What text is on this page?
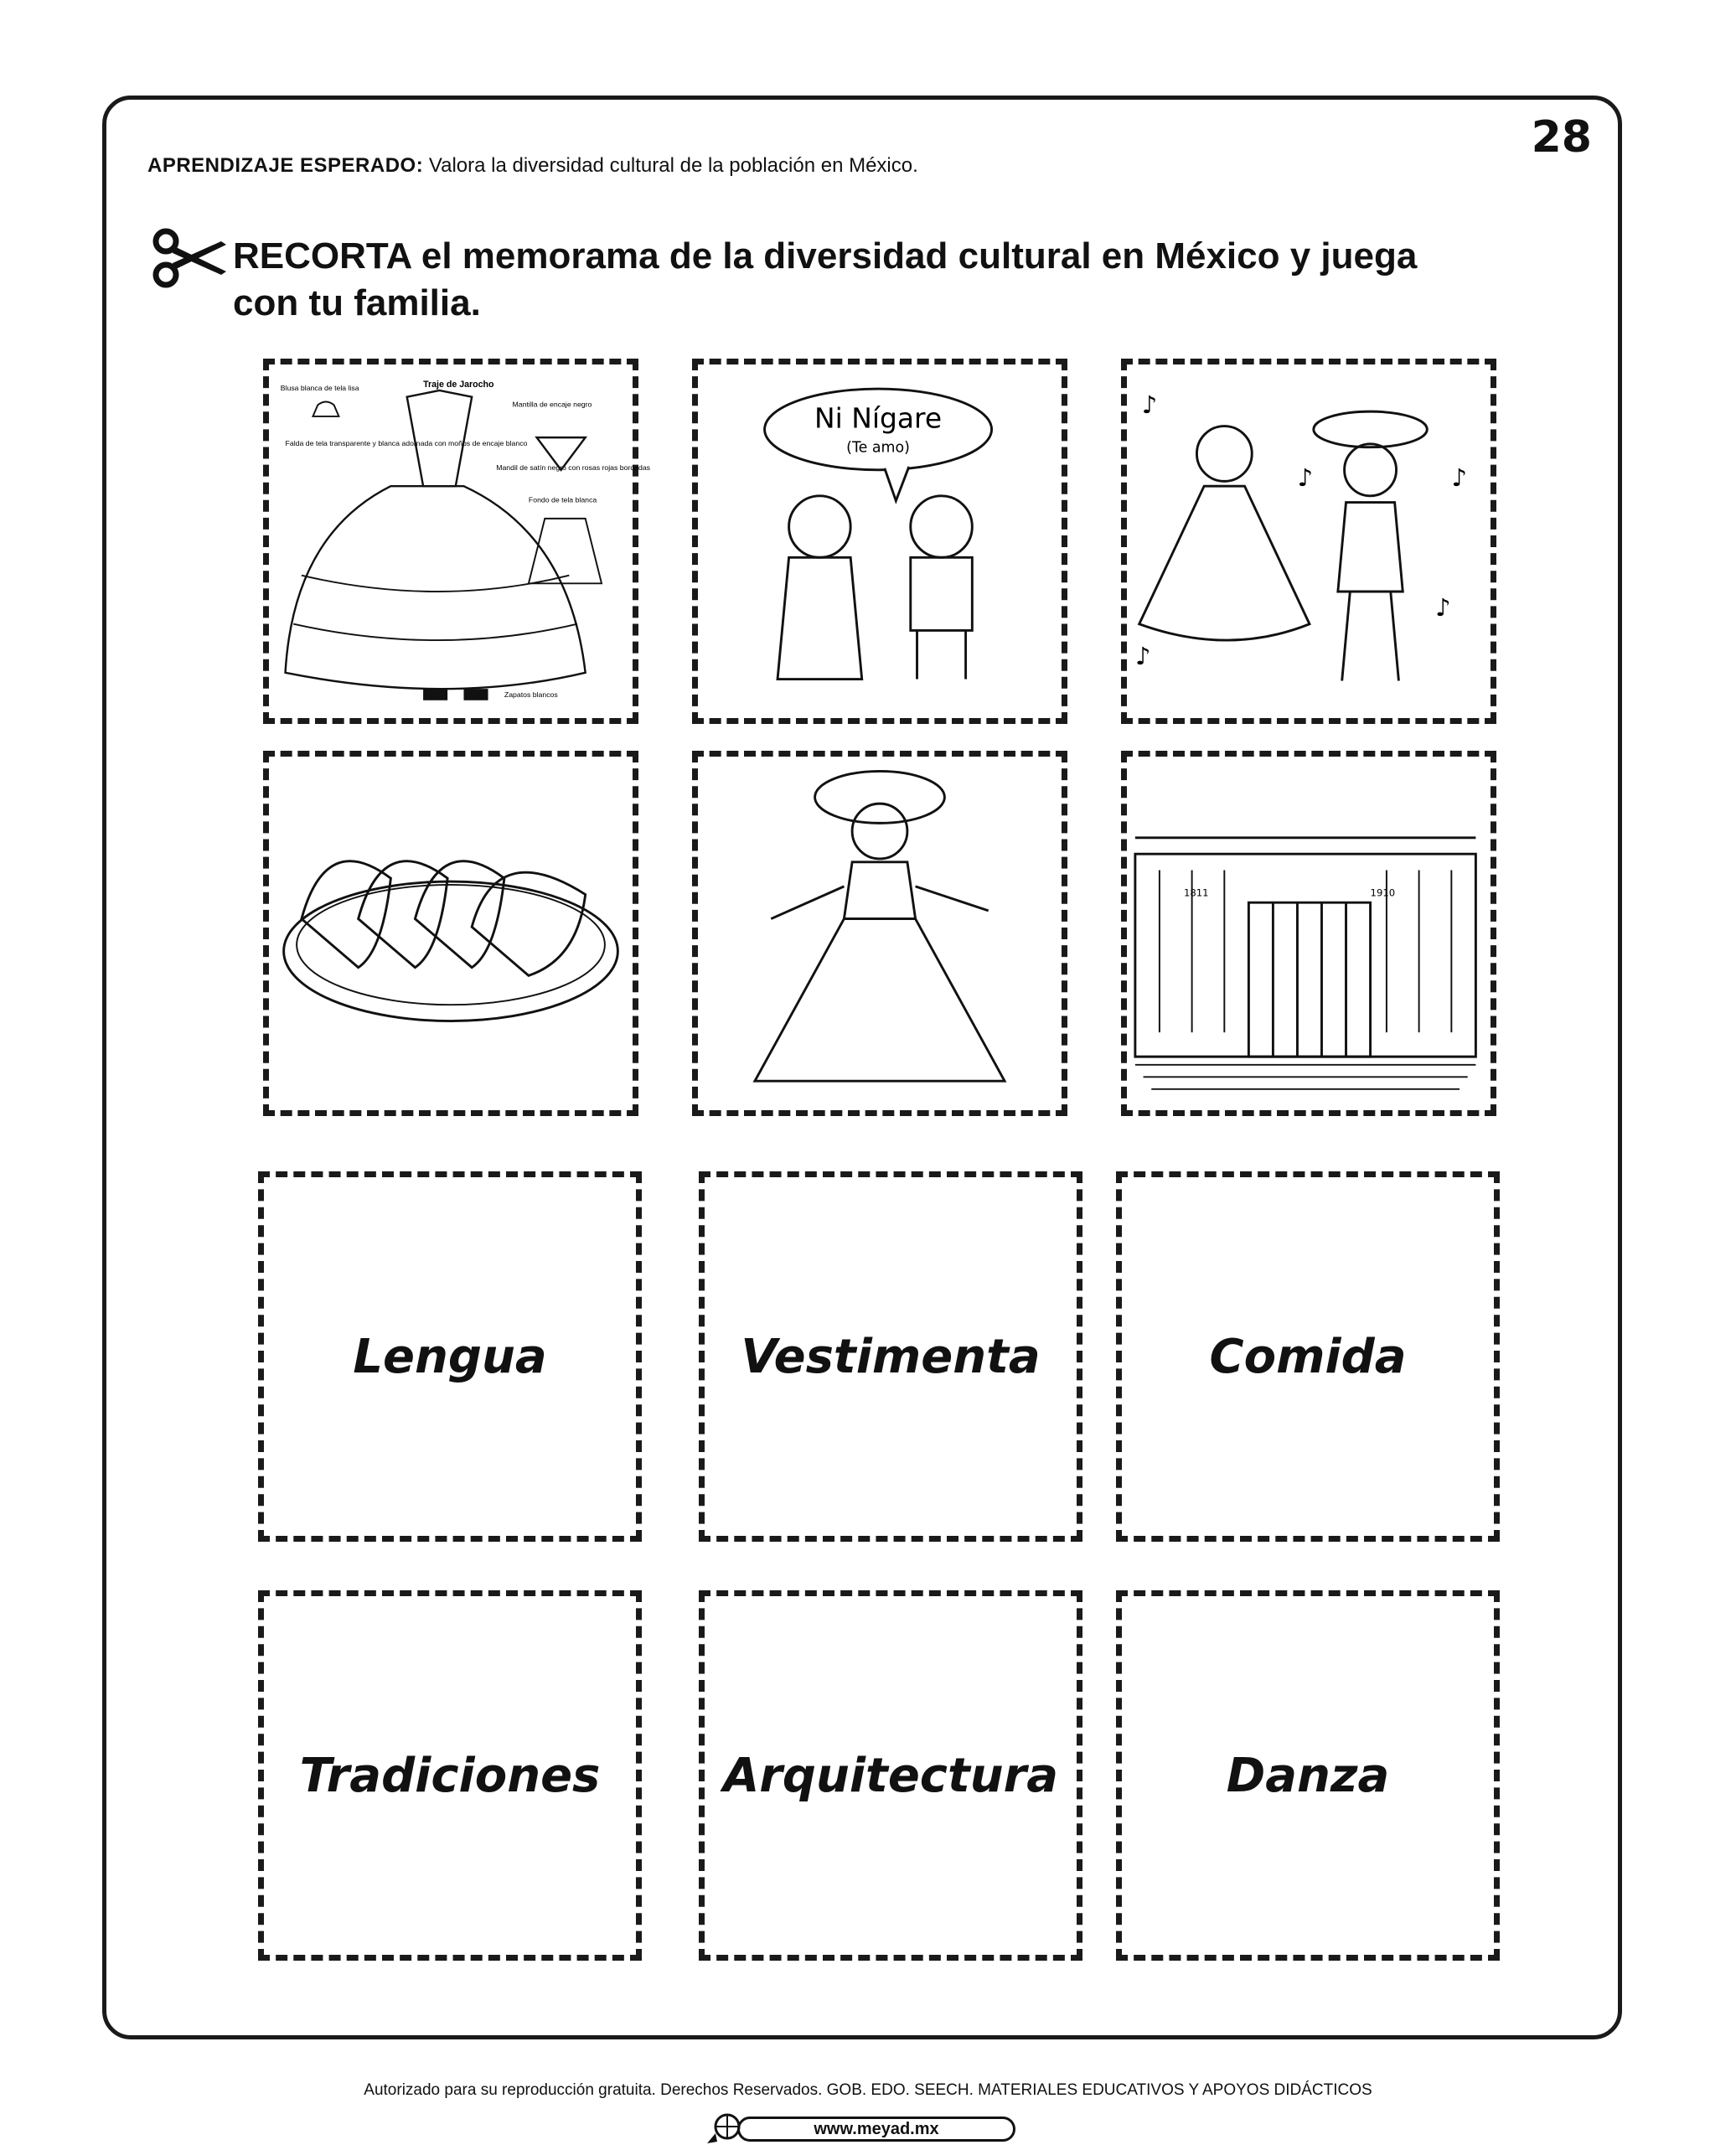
28
APRENDIZAJE ESPERADO: Valora la diversidad cultural de la población en México.
RECORTA el memorama de la diversidad cultural en México y juega con tu familia.
Traje de Jarocho
Blusa blanca de tela lisa
Mantilla de encaje negro
Falda de tela transparente y blanca adornada con moños de encaje blanco
Mandil de satín negro con rosas rojas bordadas
Fondo de tela blanca
Zapatos blancos
Ni Nígare
(Te amo)
♪
♪	♪
♪
♪
1811	1910
Lengua	Vestimenta	Comida
Tradiciones	Arquitectura	Danza
Autorizado para su reproducción gratuita. Derechos Reservados. GOB. EDO. SEECH. MATERIALES EDUCATIVOS Y APOYOS DIDÁCTICOS
www.meyad.mx
